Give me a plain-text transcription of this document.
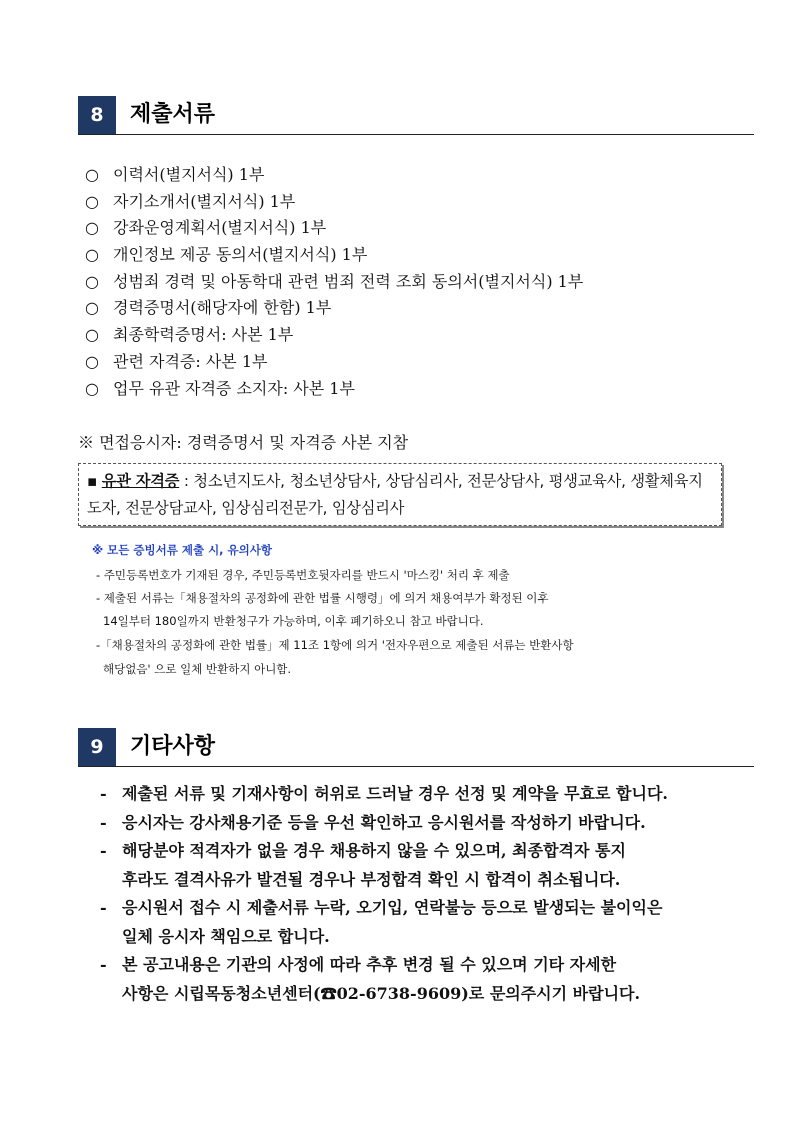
8	제출서류
○ 이력서(별지서식) 1부
○ 자기소개서(별지서식) 1부
○ 강좌운영계획서(별지서식) 1부
○ 개인정보 제공 동의서(별지서식) 1부
○ 성범죄 경력 및 아동학대 관련 범죄 전력 조회 동의서(별지서식) 1부
○ 경력증명서(해당자에 한함) 1부
○ 최종학력증명서: 사본 1부
○ 관련 자격증: 사본 1부
○ 업무 유관 자격증 소지자: 사본 1부
※ 면접응시자: 경력증명서 및 자격증 사본 지참
▪ 유관 자격증 : 청소년지도사, 청소년상담사, 상담심리사, 전문상담사, 평생교육사, 생활체육지도자, 전문상담교사, 임상심리전문가, 임상심리사
※ 모든 증빙서류 제출 시, 유의사항
- 주민등록번호가 기재된 경우, 주민등록번호뒷자리를 반드시 '마스킹' 처리 후 제출
- 제출된 서류는「채용절차의 공정화에 관한 법률 시행령」에 의거 채용여부가 확정된 이후
14일부터 180일까지 반환청구가 가능하며, 이후 폐기하오니 참고 바랍니다.
-「채용절차의 공정화에 관한 법률」제 11조 1항에 의거 '전자우편으로 제출된 서류는 반환사항
해당없음' 으로 일체 반환하지 아니함.
9	기타사항
- 제출된 서류 및 기재사항이 허위로 드러날 경우 선정 및 계약을 무효로 합니다.
- 응시자는 강사채용기준 등을 우선 확인하고 응시원서를 작성하기 바랍니다.
- 해당분야 적격자가 없을 경우 채용하지 않을 수 있으며, 최종합격자 통지
후라도 결격사유가 발견될 경우나 부정합격 확인 시 합격이 취소됩니다.
- 응시원서 접수 시 제출서류 누락, 오기입, 연락불능 등으로 발생되는 불이익은
일체 응시자 책임으로 합니다.
- 본 공고내용은 기관의 사정에 따라 추후 변경 될 수 있으며 기타 자세한
사항은 시립목동청소년센터(☎02-6738-9609)로 문의주시기 바랍니다.
